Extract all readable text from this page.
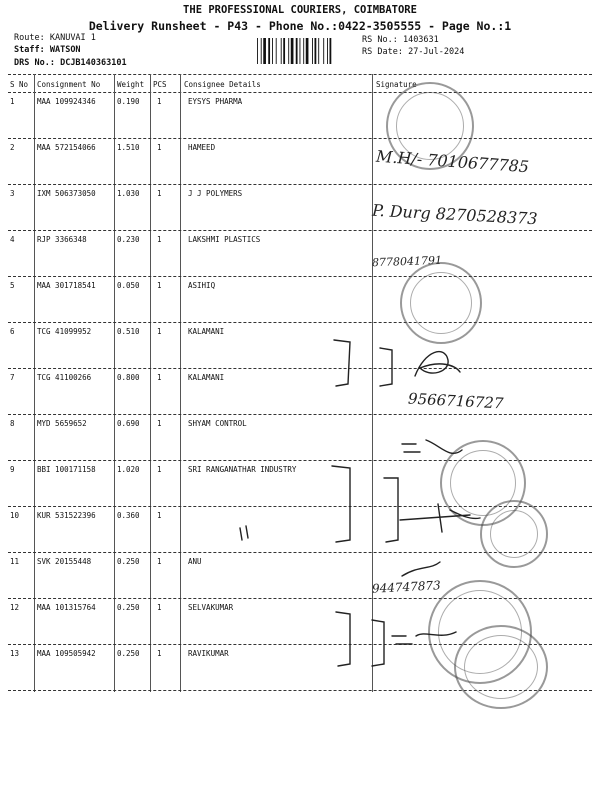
THE PROFESSIONAL COURIERS, COIMBATORE
Delivery Runsheet - P43 - Phone No.:0422-3505555 - Page No.:1
Route: KANUVAI 1
Staff: WATSON
DRS No.: DCJB140363101
RS No.: 1403631
RS Date: 27-Jul-2024
S No Consignment No Weight PCS Consignee Details	Signature
1	MAA 109924346	0.190 1	EYSYS PHARMA
2	MAA 572154066	1.510 1	HAMEED
3	IXM 506373050	1.030 1	J J POLYMERS
4	RJP 3366348	0.230 1	LAKSHMI PLASTICS
5	MAA 301718541	0.050 1	ASIHIQ
6	TCG 41099952	0.510 1	KALAMANI
7	TCG 41100266	0.800 1	KALAMANI
8	MYD 5659652	0.690 1	SHYAM CONTROL
9	BBI 100171158	1.020 1	SRI RANGANATHAR INDUSTRY
10 KUR 531522396	0.360 1
11 SVK 20155448	0.250 1	ANU
12 MAA 101315764	0.250 1	SELVAKUMAR
13 MAA 109505942	0.250 1	RAVIKUMAR
M.H/- 7010677785
P. Durg 8270528373
8778041791
9566716727
944747873
